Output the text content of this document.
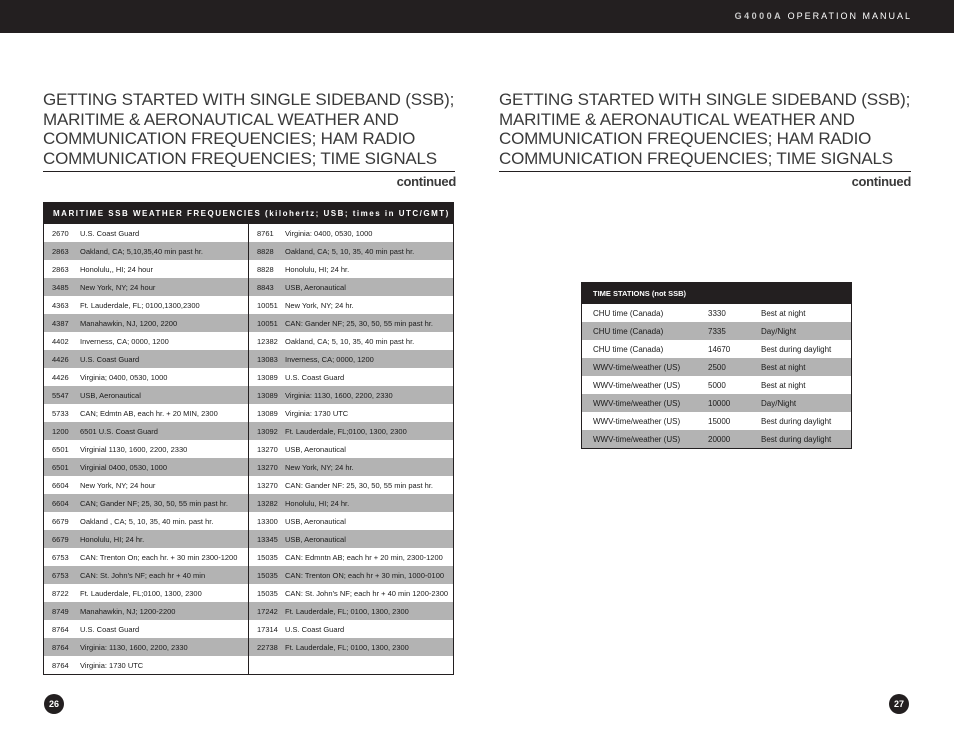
G4000A OPERATION MANUAL
GETTING STARTED WITH SINGLE SIDEBAND (SSB);
MARITIME & AERONAUTICAL WEATHER AND
COMMUNICATION FREQUENCIES; HAM RADIO
COMMUNICATION FREQUENCIES; TIME SIGNALS
continued
MARITIME SSB WEATHER FREQUENCIES (kilohertz; USB; times in UTC/GMT)
2670	U.S. Coast Guard
2863	Oakland, CA; 5,10,35,40 min past hr.
2863	Honolulu,, HI; 24 hour
3485	New York, NY; 24 hour
4363	Ft. Lauderdale, FL; 0100,1300,2300
4387	Manahawkin, NJ, 1200, 2200
4402	Inverness, CA; 0000, 1200
4426	U.S. Coast Guard
4426	Virginia; 0400, 0530, 1000
5547	USB, Aeronautical
5733	CAN; Edmtn AB, each hr. + 20 MIN, 2300
1200	6501 U.S. Coast Guard
6501	Virginial 1130, 1600, 2200, 2330
6501	Virginial 0400, 0530, 1000
6604	New York, NY; 24 hour
6604	CAN; Gander NF; 25, 30, 50, 55 min past hr.
6679	Oakland , CA; 5, 10, 35, 40 min. past hr.
6679	Honolulu, HI; 24 hr.
6753	CAN: Trenton On; each hr. + 30 min 2300-1200
6753	CAN: St. John’s NF; each hr + 40 min
8722	Ft. Lauderdale, FL;0100, 1300, 2300
8749	Manahawkin, NJ; 1200-2200
8764	U.S. Coast Guard
8764	Virginia: 1130, 1600, 2200, 2330
8764	Virginia: 1730 UTC
8761	Virginia: 0400, 0530, 1000
8828	Oakland, CA; 5, 10, 35, 40 min past hr.
8828	Honolulu, HI; 24 hr.
8843	USB, Aeronautical
10051 New York, NY; 24 hr.
10051 CAN: Gander NF; 25, 30, 50, 55 min past hr.
12382 Oakland, CA; 5, 10, 35, 40 min past hr.
13083 Inverness, CA; 0000, 1200
13089 U.S. Coast Guard
13089 Virginia: 1130, 1600, 2200, 2330
13089 Virginia: 1730 UTC
13092 Ft. Lauderdale, FL;0100, 1300, 2300
13270 USB, Aeronautical
13270 New York, NY; 24 hr.
13270 CAN: Gander NF: 25, 30, 50, 55 min past hr.
13282 Honolulu, HI; 24 hr.
13300 USB, Aeronautical
13345 USB, Aeronautical
15035 CAN: Edmntn AB; each hr + 20 min, 2300-1200
15035 CAN: Trenton ON; each hr + 30 min, 1000-0100
15035 CAN: St. John’s NF; each hr + 40 min 1200-2300
17242 Ft. Lauderdale, FL; 0100, 1300, 2300
17314 U.S. Coast Guard
22738 Ft. Lauderdale, FL; 0100, 1300, 2300
26
GETTING STARTED WITH SINGLE SIDEBAND (SSB);
MARITIME & AERONAUTICAL WEATHER AND
COMMUNICATION FREQUENCIES; HAM RADIO
COMMUNICATION FREQUENCIES; TIME SIGNALS
continued
TIME STATIONS (not SSB)
CHU time (Canada)	3330	Best at night
CHU time (Canada)	7335	Day/Night
CHU time (Canada)	14670	Best during daylight
WWV-time/weather (US)	2500	Best at night
WWV-time/weather (US)	5000	Best at night
WWV-time/weather (US)	10000	Day/Night
WWV-time/weather (US)	15000	Best during daylight
WWV-time/weather (US)	20000	Best during daylight
27
